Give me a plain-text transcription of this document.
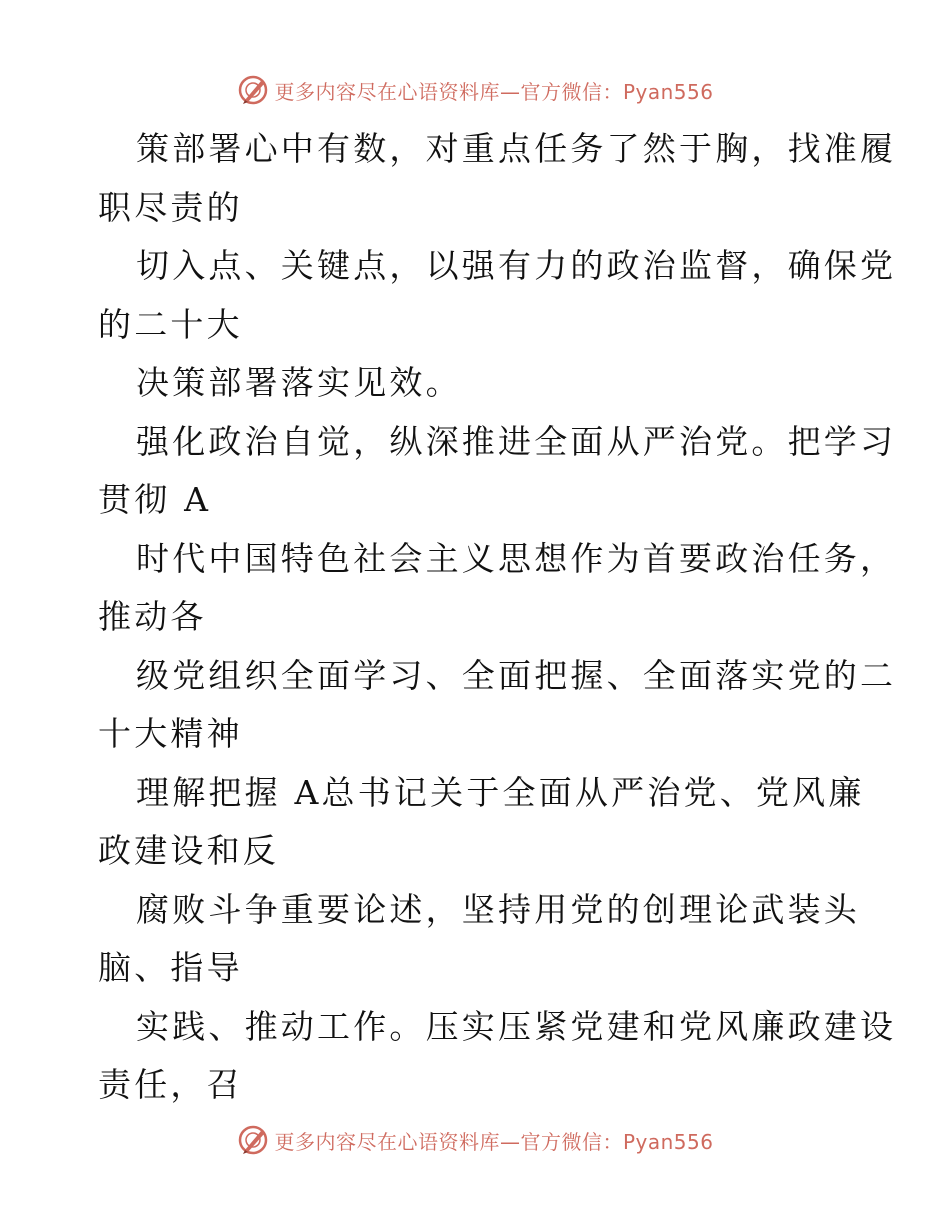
更多内容尽在心语资料库—官方微信：Pyan556
策部署心中有数，对重点任务了然于胸，找准履
职尽责的
切入点、关键点，以强有力的政治监督，确保党
的二十大
决策部署落实见效。
强化政治自觉，纵深推进全面从严治党。把学习
贯彻 A
时代中国特色社会主义思想作为首要政治任务，
推动各
级党组织全面学习、全面把握、全面落实党的二
十大精神
理解把握 A总书记关于全面从严治党、党风廉
政建设和反
腐败斗争重要论述，坚持用党的创理论武装头
脑、指导
实践、推动工作。压实压紧党建和党风廉政建设
责任，召
更多内容尽在心语资料库—官方微信：Pyan556
